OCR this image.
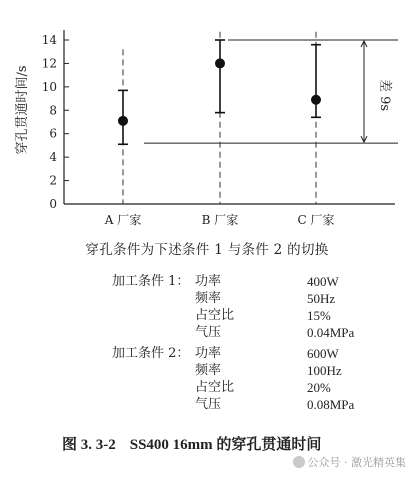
0
2
4
6
8
10
12
14
A 厂家	B 厂家	C 厂家
穿孔贯通时间/s	差 9s
穿孔条件为下述条件 1 与条件 2 的切换
加工条件 1： 功率	400W
频率	50Hz
占空比	15%
气压	0.04MPa
加工条件 2： 功率	600W
频率	100Hz
占空比	20%
气压	0.08MPa
图 3. 3-2 SS400 16mm 的穿孔贯通时间
公众号 · 激光精英集
